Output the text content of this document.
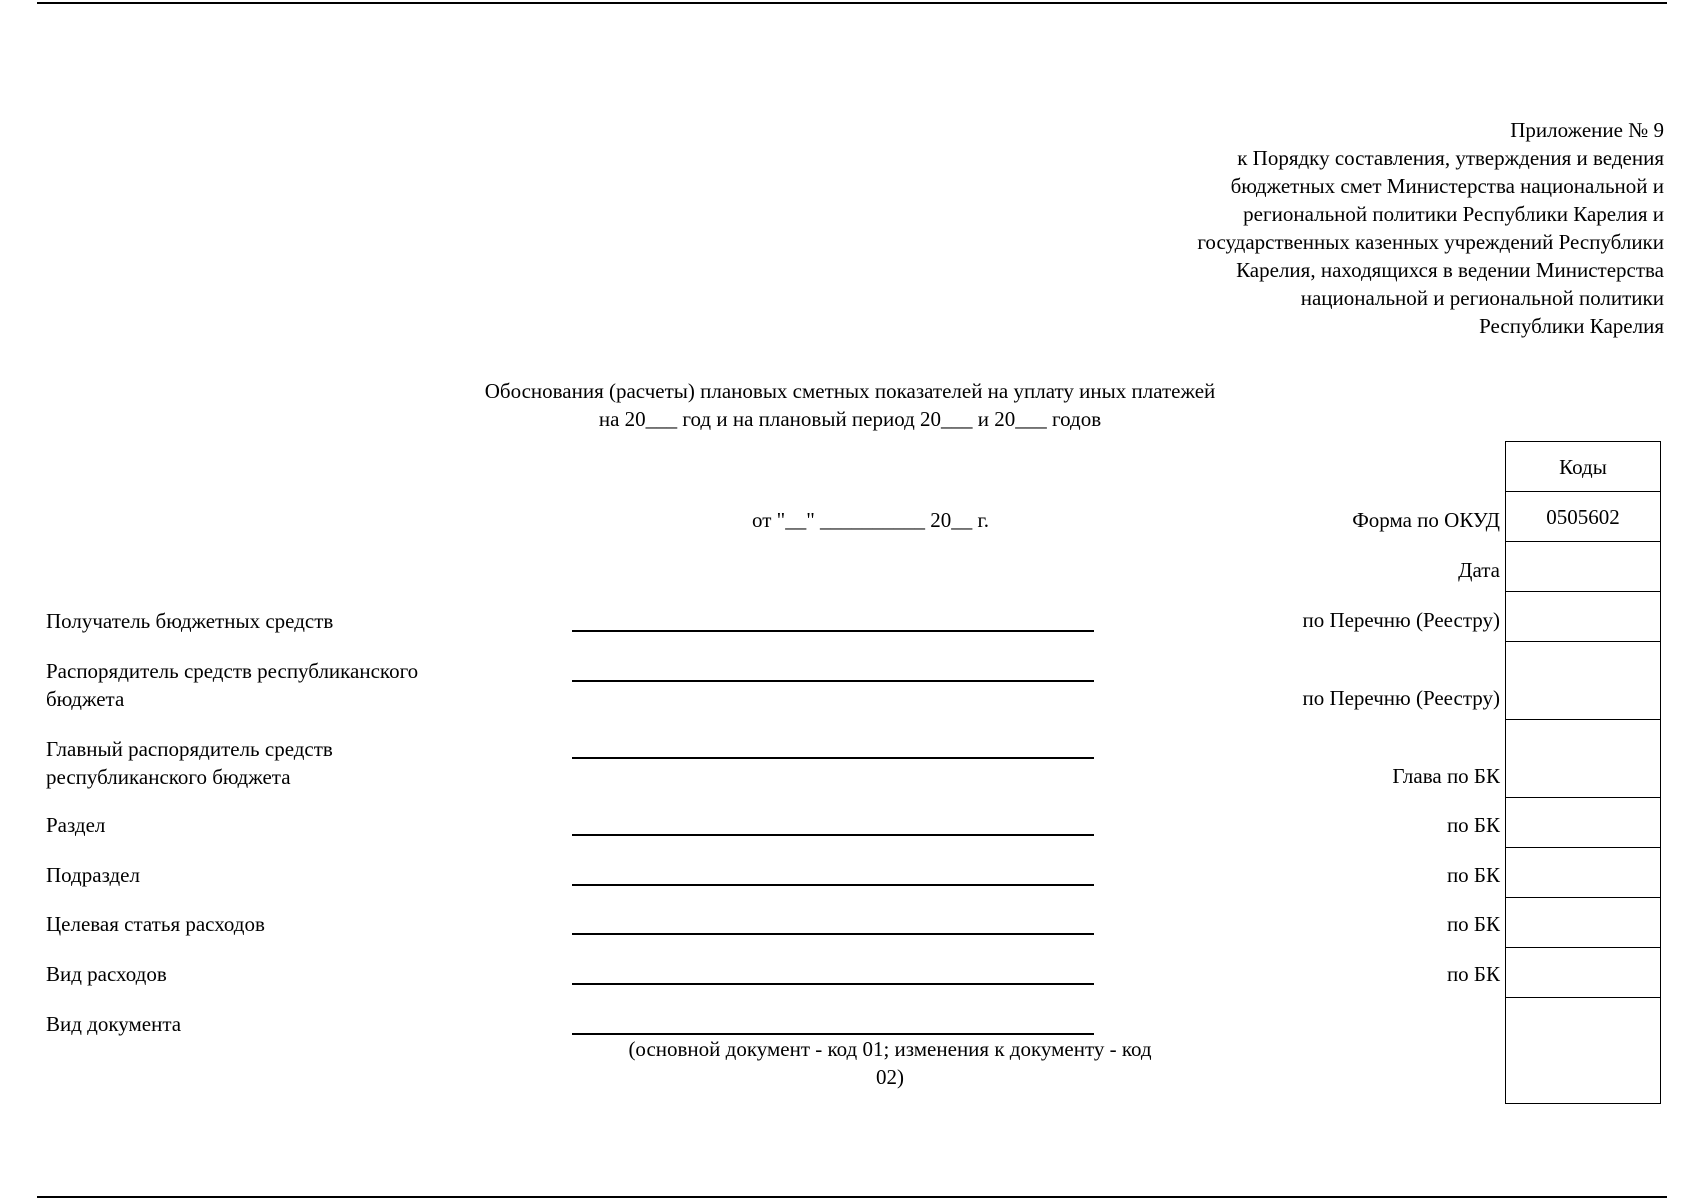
Приложение № 9
к Порядку составления, утверждения и ведения
бюджетных смет Министерства национальной и
региональной политики Республики Карелия и
государственных казенных учреждений Республики
Карелия, находящихся в ведении Министерства
национальной и региональной политики
Республики Карелия
Обоснования (расчеты) плановых сметных показателей на уплату иных платежей
на 20___ год и на плановый период 20___ и 20___ годов
от "__" __________ 20__ г.
Получатель бюджетных средств
Распорядитель средств республиканского
бюджета
Главный распорядитель средств
республиканского бюджета
Раздел
Подраздел
Целевая статья расходов
Вид расходов
Вид документа
(основной документ - код 01; изменения к документу - код
02)
Форма по ОКУД
Дата
по Перечню (Реестру)
по Перечню (Реестру)
Глава по БК
по БК
по БК
по БК
по БК
Коды
0505602
